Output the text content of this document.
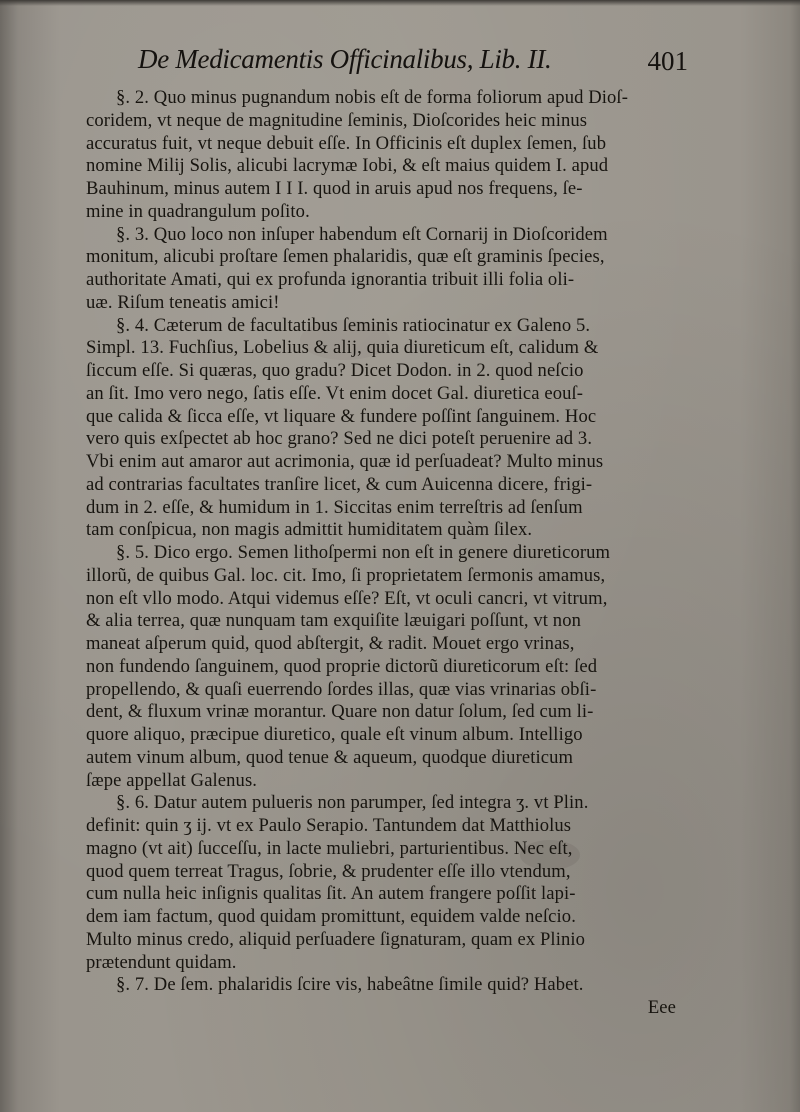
De Medicamentis Officinalibus, Lib. II.	401
§. 2. Quo minus pugnandum nobis eſt de forma foliorum apud Dioſ-
coridem, vt neque de magnitudine ſeminis, Dioſcorides heic minus
accuratus fuit, vt neque debuit eſſe. In Officinis eſt duplex ſemen, ſub
nomine Milij Solis, alicubi lacrymæ Iobi, & eſt maius quidem I. apud
Bauhinum, minus autem I I I. quod in aruis apud nos frequens, ſe-
mine in quadrangulum poſito.
§. 3. Quo loco non inſuper habendum eſt Cornarij in Dioſcoridem
monitum, alicubi proſtare ſemen phalaridis, quæ eſt graminis ſpecies,
authoritate Amati, qui ex profunda ignorantia tribuit illi folia oli-
uæ. Riſum teneatis amici!
§. 4. Cæterum de facultatibus ſeminis ratiocinatur ex Galeno 5.
Simpl. 13. Fuchſius, Lobelius & alij, quia diureticum eſt, calidum &
ſiccum eſſe. Si quæras, quo gradu? Dicet Dodon. in 2. quod neſcio
an ſit. Imo vero nego, ſatis eſſe. Vt enim docet Gal. diuretica eouſ-
que calida & ſicca eſſe, vt liquare & fundere poſſint ſanguinem. Hoc
vero quis exſpectet ab hoc grano? Sed ne dici poteſt peruenire ad 3.
Vbi enim aut amaror aut acrimonia, quæ id perſuadeat? Multo minus
ad contrarias facultates tranſire licet, & cum Auicenna dicere, frigi-
dum in 2. eſſe, & humidum in 1. Siccitas enim terreſtris ad ſenſum
tam conſpicua, non magis admittit humiditatem quàm ſilex.
§. 5. Dico ergo. Semen lithoſpermi non eſt in genere diureticorum
illorũ, de quibus Gal. loc. cit. Imo, ſi proprietatem ſermonis amamus,
non eſt vllo modo. Atqui videmus eſſe? Eſt, vt oculi cancri, vt vitrum,
& alia terrea, quæ nunquam tam exquiſite læuigari poſſunt, vt non
maneat aſperum quid, quod abſtergit, & radit. Mouet ergo vrinas,
non fundendo ſanguinem, quod proprie dictorũ diureticorum eſt: ſed
propellendo, & quaſi euerrendo ſordes illas, quæ vias vrinarias obſi-
dent, & fluxum vrinæ morantur. Quare non datur ſolum, ſed cum li-
quore aliquo, præcipue diuretico, quale eſt vinum album. Intelligo
autem vinum album, quod tenue & aqueum, quodque diureticum
ſæpe appellat Galenus.
§. 6. Datur autem pulueris non parumper, ſed integra ʒ. vt Plin.
definit: quin ʒ ij. vt ex Paulo Serapio. Tantundem dat Matthiolus
magno (vt ait) ſucceſſu, in lacte muliebri, parturientibus. Nec eſt,
quod quem terreat Tragus, ſobrie, & prudenter eſſe illo vtendum,
cum nulla heic inſignis qualitas ſit. An autem frangere poſſit lapi-
dem iam factum, quod quidam promittunt, equidem valde neſcio.
Multo minus credo, aliquid perſuadere ſignaturam, quam ex Plinio
prætendunt quidam.
§. 7. De ſem. phalaridis ſcire vis, habeâtne ſimile quid? Habet.
Eee
